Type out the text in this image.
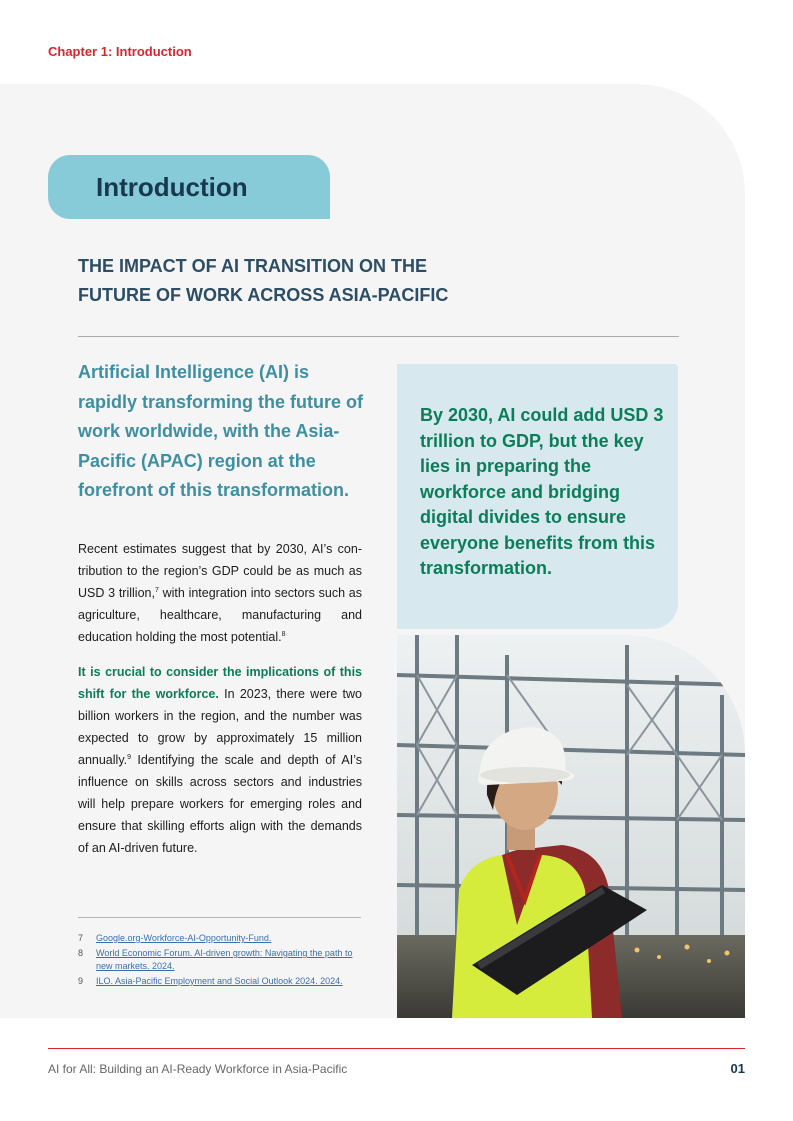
Chapter 1: Introduction
Introduction
THE IMPACT OF AI TRANSITION ON THE
FUTURE OF WORK ACROSS ASIA-PACIFIC
Artificial Intelligence (AI) is rapidly transforming the future of work worldwide, with the Asia-Pacific (APAC) region at the forefront of this transformation.
Recent estimates suggest that by 2030, AI’s con-tribution to the region’s GDP could be as much as USD 3 trillion,$^7$ with integration into sectors such as agriculture, healthcare, manufacturing and education holding the most potential.$^8$
It is crucial to consider the implications of this shift for the workforce. In 2023, there were two billion workers in the region, and the number was expected to grow by approximately 15 million annually.$^9$ Identifying the scale and depth of AI’s influence on skills across sectors and industries will help prepare workers for emerging roles and ensure that skilling efforts align with the demands of an AI-driven future.
7	Google.org-Workforce-AI-Opportunity-Fund.
8	World Economic Forum. AI-driven growth: Navigating the path to new markets. 2024.
9	ILO. Asia-Pacific Employment and Social Outlook 2024. 2024.

By 2030, AI could add USD 3 trillion to GDP, but the key lies in preparing the workforce and bridging digital divides to ensure everyone benefits from this transformation.

AI for All: Building an AI-Ready Workforce in Asia-Pacific	01
